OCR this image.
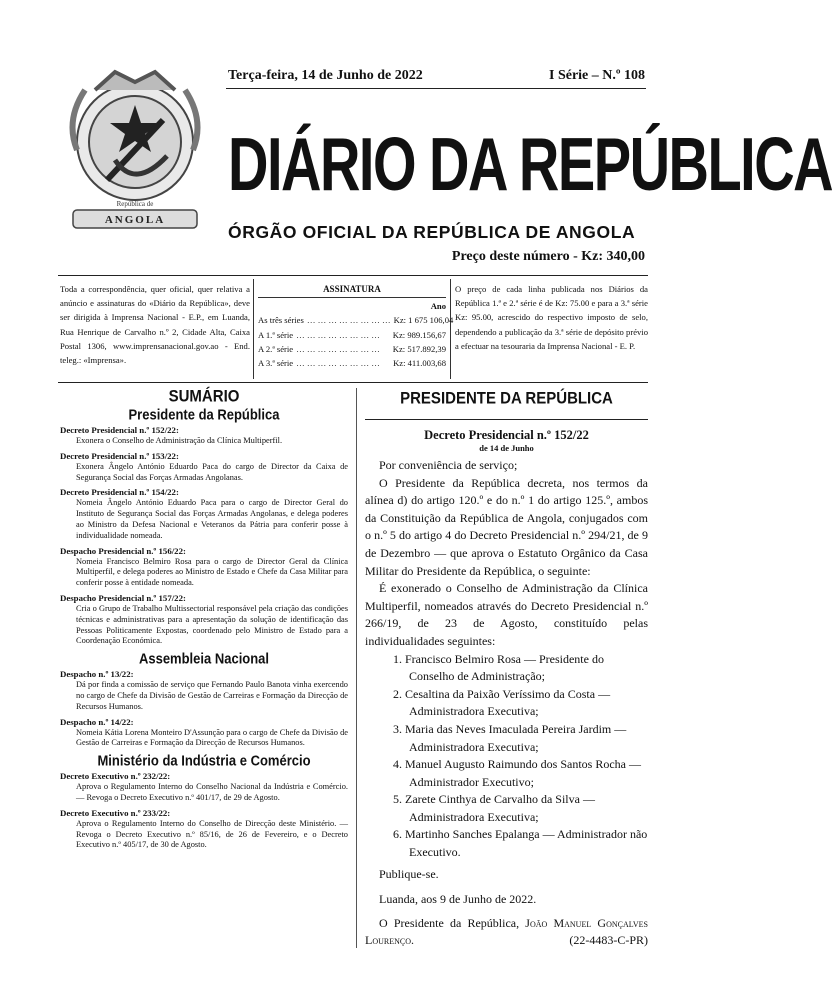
República de
ANGOLA
Terça-feira, 14 de Junho de 2022	I Série – N.º 108
DIÁRIO DA REPÚBLICA
ÓRGÃO OFICIAL DA REPÚBLICA DE ANGOLA
Preço deste número - Kz: 340,00
Toda a correspondência, quer oficial, quer relativa a anúncio e assinaturas do «Diário da República», deve ser dirigida à Imprensa Nacional - E.P., em Luanda, Rua Henrique de Carvalho n.º 2, Cidade Alta, Caixa Postal 1306, www.imprensanacional.gov.ao - End. teleg.: «Imprensa».
ASSINATURA
Ano
As três séries … … … … … … … … Kz: 1 675 106,04
A 1.ª série … … … … … … … …	Kz: 989.156,67
A 2.ª série … … … … … … … …	Kz: 517.892,39
A 3.ª série … … … … … … … …	Kz: 411.003,68
O preço de cada linha publicada nos Diários da República 1.ª e 2.ª série é de Kz: 75.00 e para a 3.ª série Kz: 95.00, acrescido do respectivo imposto de selo, dependendo a publicação da 3.ª série de depósito prévio a efectuar na tesouraria da Imprensa Nacional - E. P.
SUMÁRIO
Presidente da República
Decreto Presidencial n.º 152/22:
Exonera o Conselho de Administração da Clínica Multiperfil.
Decreto Presidencial n.º 153/22:
Exonera Ângelo António Eduardo Paca do cargo de Director da Caixa de Segurança Social das Forças Armadas Angolanas.
Decreto Presidencial n.º 154/22:
Nomeia Ângelo António Eduardo Paca para o cargo de Director Geral do Instituto de Segurança Social das Forças Armadas Angolanas, e delega poderes ao Ministro da Defesa Nacional e Veteranos da Pátria para conferir posse à individualidade nomeada.
Despacho Presidencial n.º 156/22:
Nomeia Francisco Belmiro Rosa para o cargo de Director Geral da Clínica Multiperfil, e delega poderes ao Ministro de Estado e Chefe da Casa Militar para conferir posse à entidade nomeada.
Despacho Presidencial n.º 157/22:
Cria o Grupo de Trabalho Multissectorial responsável pela criação das condições técnicas e administrativas para a apresentação da solução de identificação das Pessoas Politicamente Expostas, coordenado pelo Ministro de Estado para a Coordenação Económica.
Assembleia Nacional
Despacho n.º 13/22:
Dá por finda a comissão de serviço que Fernando Paulo Banota vinha exercendo no cargo de Chefe da Divisão de Gestão de Carreiras e Formação da Direcção de Recursos Humanos.
Despacho n.º 14/22:
Nomeia Kátia Lorena Monteiro D'Assunção para o cargo de Chefe da Divisão de Gestão de Carreiras e Formação da Direcção de Recursos Humanos.
Ministério da Indústria e Comércio
Decreto Executivo n.º 232/22:
Aprova o Regulamento Interno do Conselho Nacional da Indústria e Comércio. — Revoga o Decreto Executivo n.º 401/17, de 29 de Agosto.
Decreto Executivo n.º 233/22:
Aprova o Regulamento Interno do Conselho de Direcção deste Ministério. — Revoga o Decreto Executivo n.º 85/16, de 26 de Fevereiro, e o Decreto Executivo n.º 405/17, de 30 de Agosto.
PRESIDENTE DA REPÚBLICA
Decreto Presidencial n.º 152/22
de 14 de Junho

Por conveniência de serviço;

O Presidente da República decreta, nos termos da alínea d) do artigo 120.º e do n.º 1 do artigo 125.º, ambos da Constituição da República de Angola, conjugados com o n.º 5 do artigo 4 do Decreto Presidencial n.º 294/21, de 9 de Dezembro — que aprova o Estatuto Orgânico da Casa Militar do Presidente da República, o seguinte:

É exonerado o Conselho de Administração da Clínica Multiperfil, nomeados através do Decreto Presidencial n.º 266/19, de 23 de Agosto, constituído pelas individualidades seguintes:

1. Francisco Belmiro Rosa — Presidente do Conselho de Administração;

2. Cesaltina da Paixão Veríssimo da Costa — Administradora Executiva;

3. Maria das Neves Imaculada Pereira Jardim — Administradora Executiva;

4. Manuel Augusto Raimundo dos Santos Rocha — Administrador Executivo;

5. Zarete Cinthya de Carvalho da Silva — Administradora Executiva;

6. Martinho Sanches Epalanga — Administrador não Executivo.

Publique-se.

Luanda, aos 9 de Junho de 2022.

O Presidente da República, João Manuel Gonçalves Lourenço.	(22-4483-C-PR)
